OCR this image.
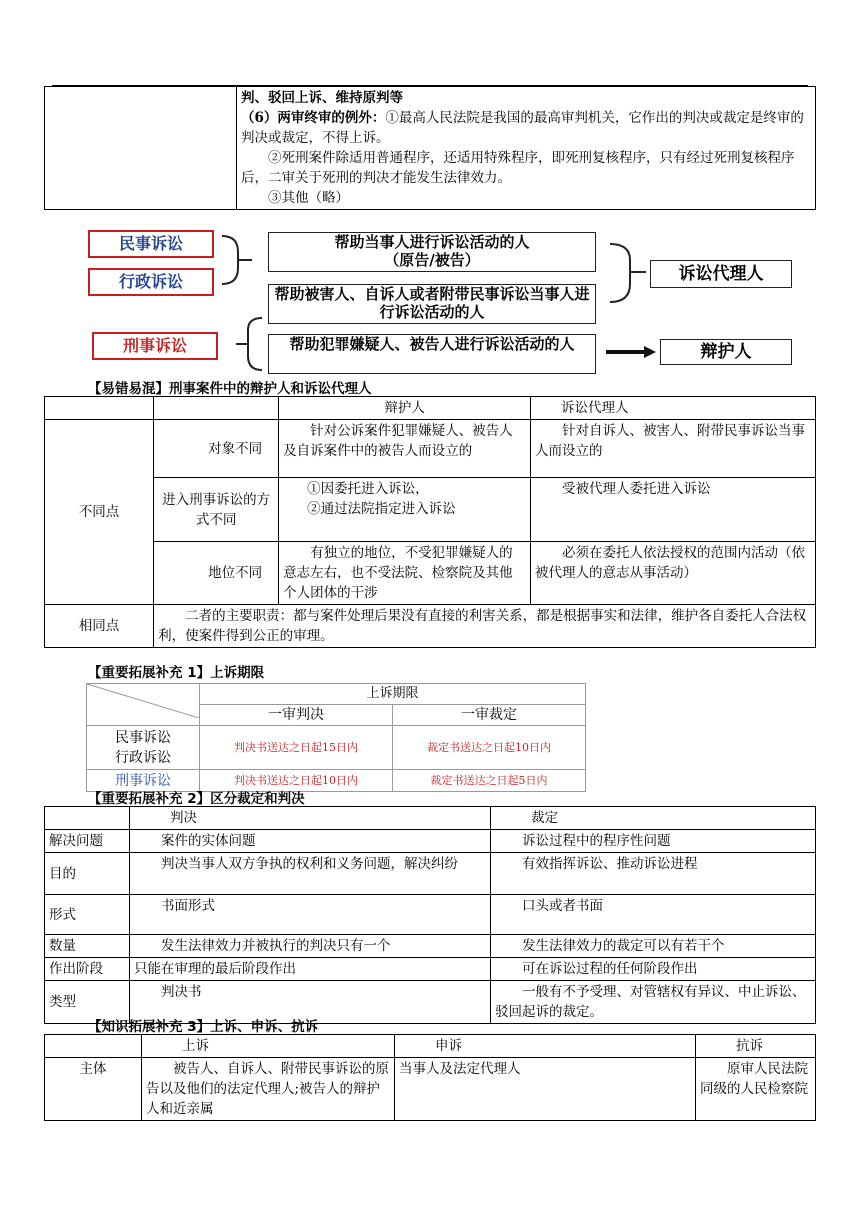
判、驳回上诉、维持原判等
（6）两审终审的例外：①最高人民法院是我国的最高审判机关，它作出的判决或裁定是终审的判决或裁定，不得上诉。
②死刑案件除适用普通程序，还适用特殊程序，即死刑复核程序，只有经过死刑复核程序后，二审关于死刑的判决才能发生法律效力。
③其他（略）
民事诉讼
行政诉讼
刑事诉讼
帮助当事人进行诉讼活动的人
（原告/被告）
帮助被害人、自诉人或者附带民事诉讼当事人进行诉讼活动的人
帮助犯罪嫌疑人、被告人进行诉讼活动的人
诉讼代理人
辩护人
【易错易混】刑事案件中的辩护人和诉讼代理人
		辩护人	诉讼代理人
不同点	对象不同	针对公诉案件犯罪嫌疑人、被告人及自诉案件中的被告人而设立的	针对自诉人、被害人、附带民事诉讼当事人而设立的
	进入刑事诉讼的方式不同	①因委托进入诉讼，
②通过法院指定进入诉讼	受被代理人委托进入诉讼
	地位不同	有独立的地位，不受犯罪嫌疑人的意志左右，也不受法院、检察院及其他个人团体的干涉	必须在委托人依法授权的范围内活动（依被代理人的意志从事活动）
相同点	二者的主要职责：都与案件处理后果没有直接的利害关系，都是根据事实和法律，维护各自委托人合法权利，使案件得到公正的审理。		
【重要拓展补充 1】上诉期限
	上诉期限	
	一审判决	一审裁定

民事诉讼
行政诉讼	判决书送达之日起15日内	裁定书送达之日起10日内
刑事诉讼	判决书送达之日起10日内	裁定书送达之日起5日内
【重要拓展补充 2】区分裁定和判决
	判决	裁定
解决问题	案件的实体问题	诉讼过程中的程序性问题
目的	判决当事人双方争执的权利和义务问题，解决纠纷	有效指挥诉讼、推动诉讼进程
形式	书面形式	口头或者书面
数量	发生法律效力并被执行的判决只有一个	发生法律效力的裁定可以有若干个
作出阶段	只能在审理的最后阶段作出	可在诉讼过程的任何阶段作出
类型	判决书	一般有不予受理、对管辖权有异议、中止诉讼、驳回起诉的裁定。
【知识拓展补充 3】上诉、申诉、抗诉
	上诉	申诉	抗诉
主体	被告人、自诉人、附带民事诉讼的原告以及他们的法定代理人;被告人的辩护人和近亲属	当事人及法定代理人	原审人民法院同级的人民检察院
